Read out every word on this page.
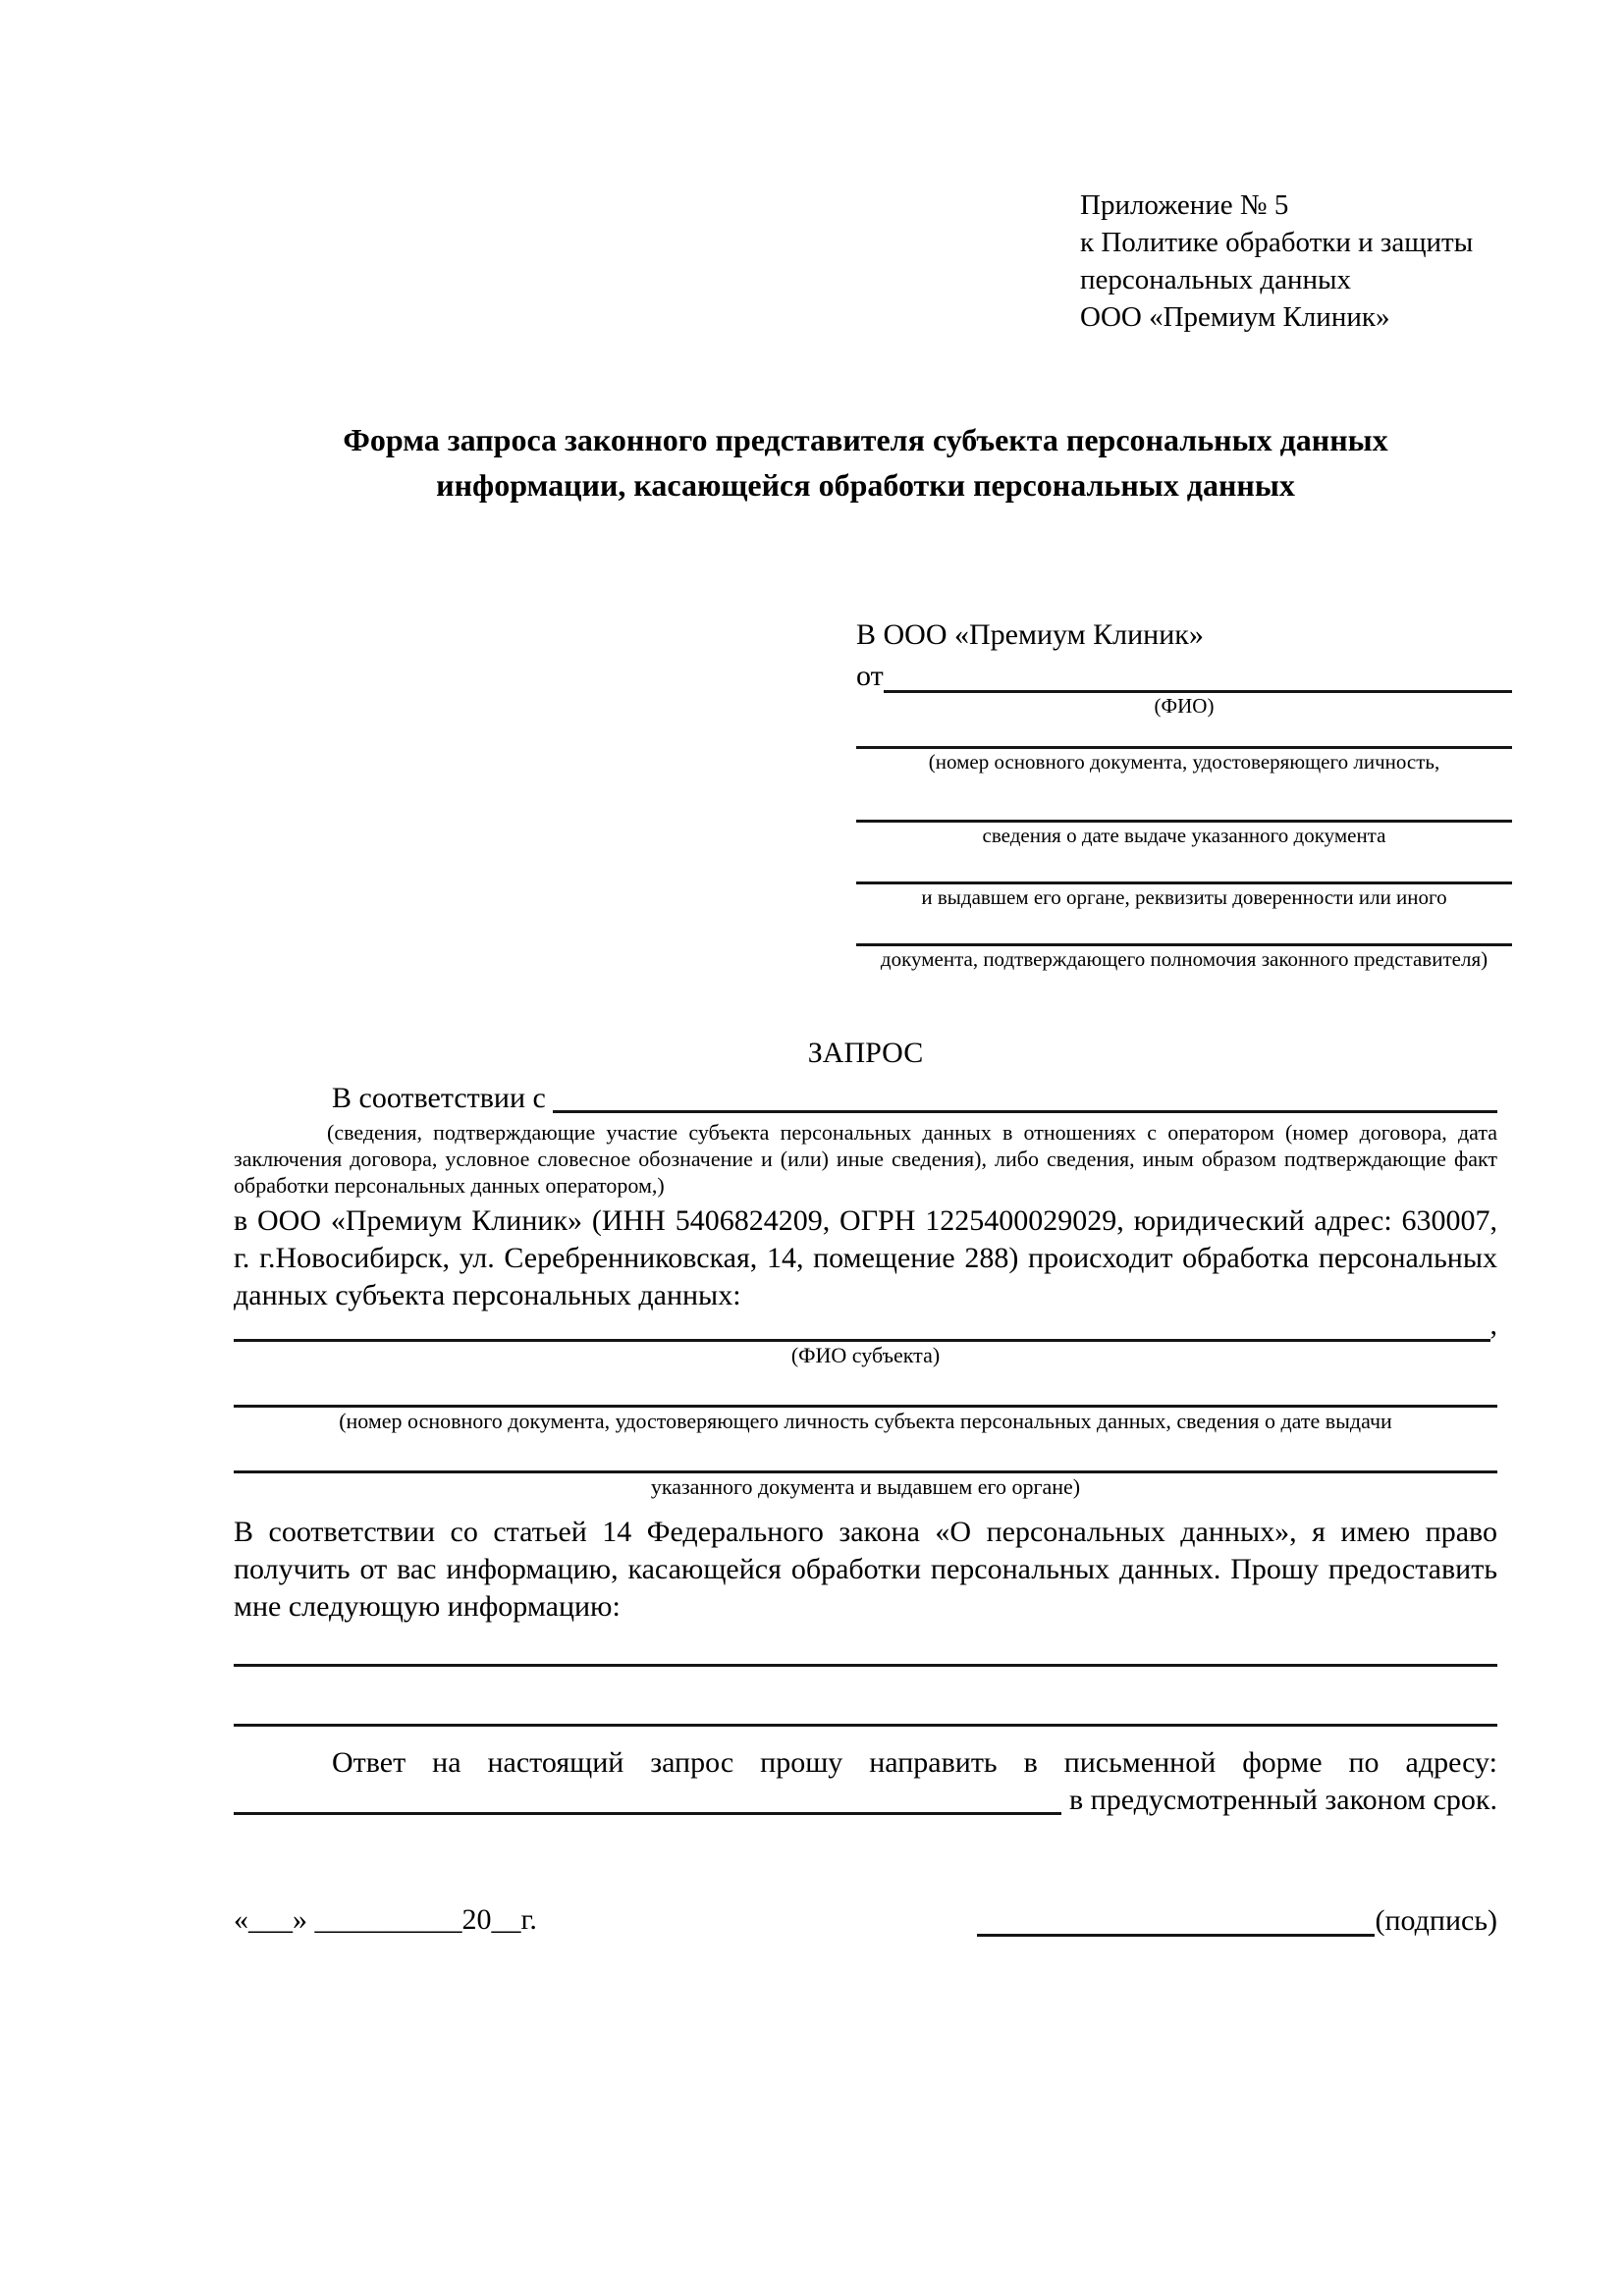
Приложение № 5
к Политике обработки и защиты
персональных данных
ООО «Премиум Клиник»
Форма запроса законного представителя субъекта персональных данных
информации, касающейся обработки персональных данных
В ООО «Премиум Клиник»
от
(ФИО)
(номер основного документа, удостоверяющего личность,
сведения о дате выдаче указанного документа
и выдавшем его органе, реквизиты доверенности или иного
документа, подтверждающего полномочия законного представителя)
ЗАПРОС
В соответствии с
(сведения, подтверждающие участие субъекта персональных данных в отношениях с оператором (номер договора, дата заключения договора, условное словесное обозначение и (или) иные сведения), либо сведения, иным образом подтверждающие факт обработки персональных данных оператором,)
в ООО «Премиум Клиник» (ИНН 5406824209, ОГРН 1225400029029, юридический адрес: 630007, г. г.Новосибирск, ул. Серебренниковская, 14, помещение 288) происходит обработка персональных данных субъекта персональных данных:
,
(ФИО субъекта)
(номер основного документа, удостоверяющего личность субъекта персональных данных, сведения о дате выдачи
указанного документа и выдавшем его органе)
В соответствии со статьей 14 Федерального закона «О персональных данных», я имею право получить от вас информацию, касающейся обработки персональных данных. Прошу предоставить мне следующую информацию:
Ответ на настоящий запрос прошу направить в письменной форме по адресу:
в предусмотренный законом срок.
«___» __________20__г.	(подпись)
